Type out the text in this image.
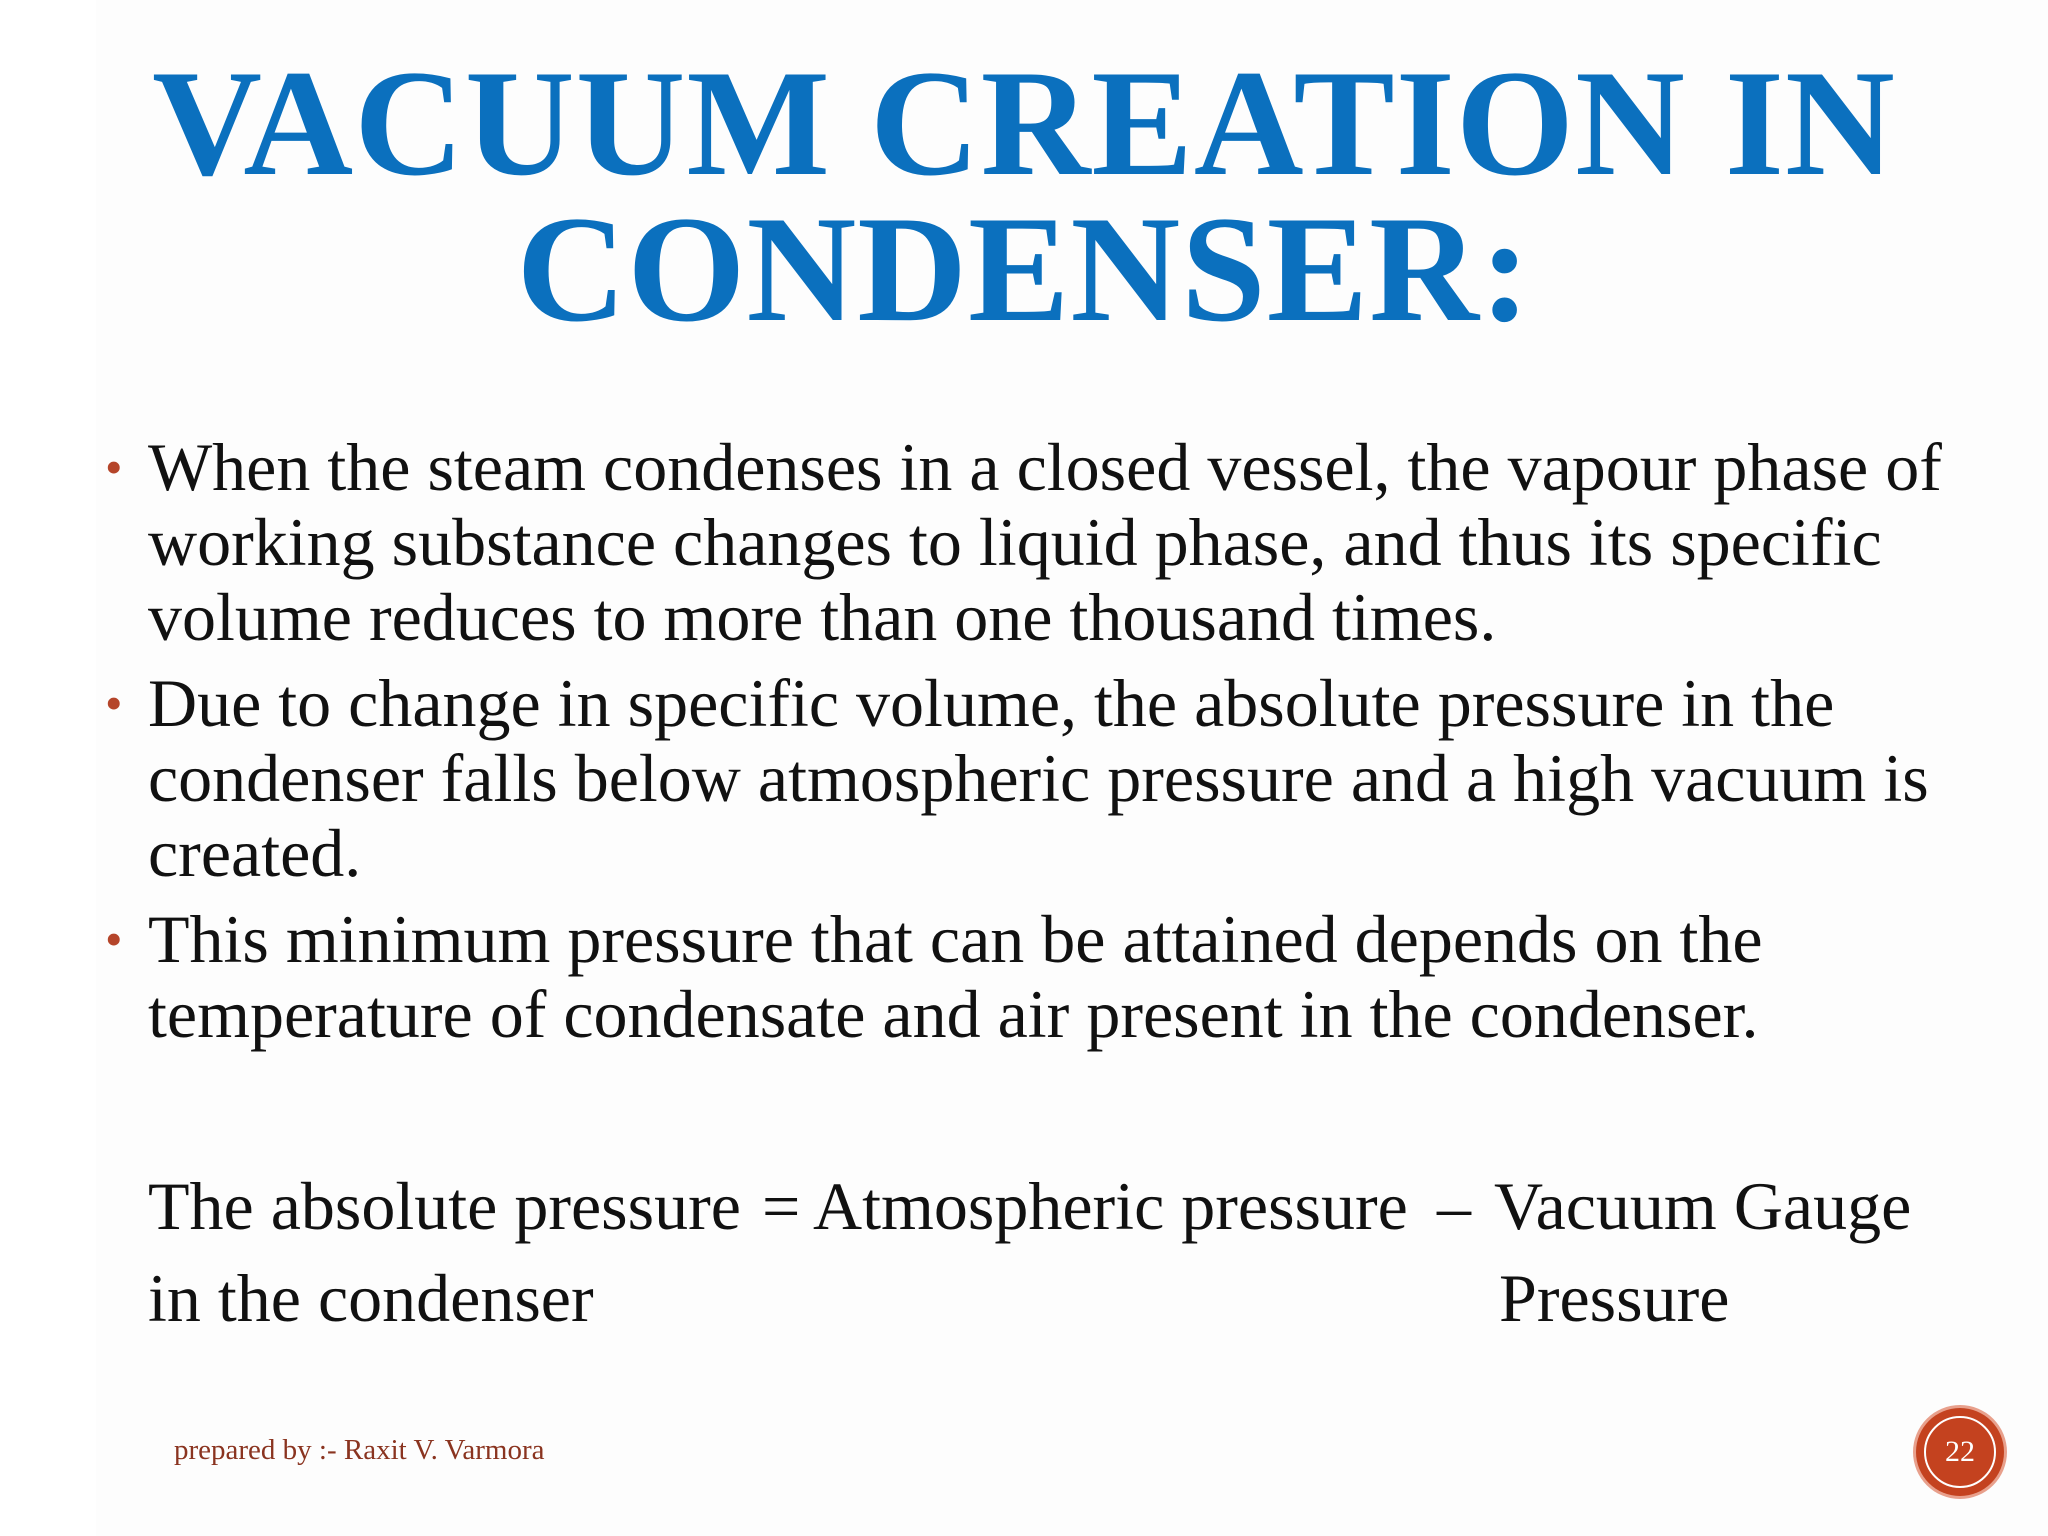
VACUUM CREATION IN
CONDENSER:
• When the steam condenses in a closed vessel, the vapour phase of working substance changes to liquid phase, and thus its specific volume reduces to more than one thousand times.
• Due to change in specific volume, the absolute pressure in the condenser falls below atmospheric pressure and a high vacuum is created.
• This minimum pressure that can be attained depends on the temperature of condensate and air present in the condenser.
The absolute pressure = Atmospheric pressure – Vacuum Gauge
in the condenser	Pressure
prepared by :- Raxit V. Varmora	22
